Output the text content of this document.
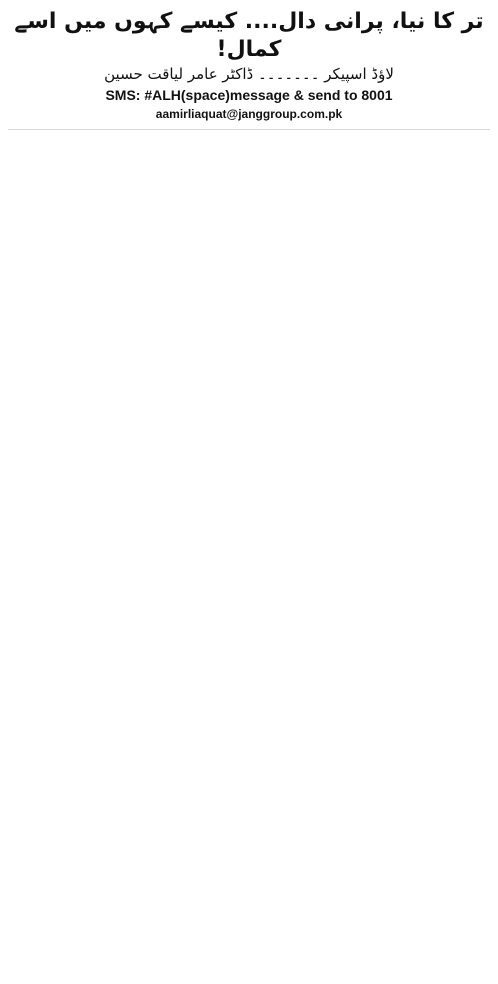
تر کا نیا، پرانی دال.... کیسے کہوں میں اسے کمال!
لاؤڈ اسپیکر ۔۔۔۔۔۔۔ ڈاکٹر عامر لیاقت حسین
SMS: #ALH(space)message & send to 8001
aamirliaquat@janggroup.com.pk
